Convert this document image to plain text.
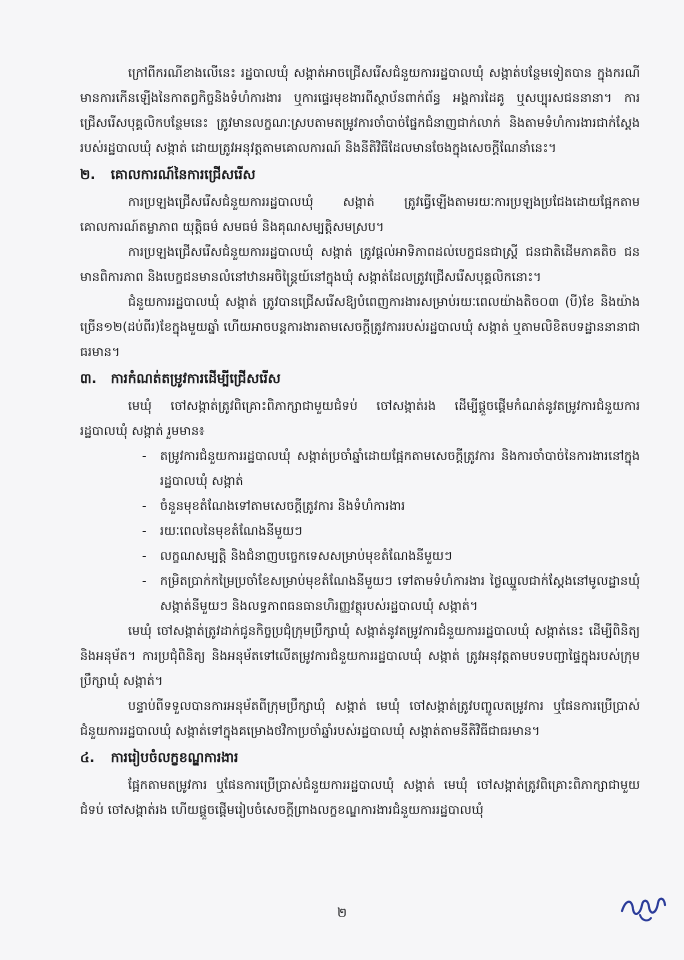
ក្រៅពីករណីខាងលើនេះ រដ្ឋបាលឃុំ សង្កាត់អាចជ្រើសរើសជំនួយការរដ្ឋបាលឃុំ សង្កាត់បន្ថែមទៀតបាន ក្នុងករណីមានការកើនឡើងនៃកាតព្វកិច្ចនិងទំហំការងារ ឬការផ្ទេរមុខងារពីស្ថាប័នពាក់ព័ន្ធ អង្គការដៃគូ ឬសប្បុរសជននានា។ ការជ្រើសរើសបុគ្គលិកបន្ថែមនេះ ត្រូវមានលក្ខណៈស្របតាមតម្រូវការចាំបាច់ផ្នែកជំនាញជាក់លាក់ និងតាមទំហំការងារជាក់ស្ដែងរបស់រដ្ឋបាលឃុំ សង្កាត់ ដោយត្រូវអនុវត្តតាមគោលការណ៍ និងនីតិវិធីដែលមានចែងក្នុងសេចក្ដីណែនាំនេះ។

២. គោលការណ៍នៃការជ្រើសរើស

ការប្រឡងជ្រើសរើសជំនួយការរដ្ឋបាលឃុំ សង្កាត់ ត្រូវធ្វើឡើងតាមរយៈការប្រឡងប្រជែងដោយផ្អែកតាមគោលការណ៍តម្លាភាព យុត្តិធម៌ សមធម៌ និងគុណសម្បត្តិសមស្រប។

ការប្រឡងជ្រើសរើសជំនួយការរដ្ឋបាលឃុំ សង្កាត់ ត្រូវផ្ដល់អាទិភាពដល់បេក្ខជនជាស្ត្រី ជនជាតិដើមភាគតិច ជនមានពិការភាព និងបេក្ខជនមានលំនៅឋានអចិន្ត្រៃយ៍នៅក្នុងឃុំ សង្កាត់ដែលត្រូវជ្រើសរើសបុគ្គលិកនោះ។

ជំនួយការរដ្ឋបាលឃុំ សង្កាត់ ត្រូវបានជ្រើសរើសឱ្យបំពេញការងារសម្រាប់រយៈពេលយ៉ាងតិច០៣ (បី)ខែ និងយ៉ាងច្រើន១២(ដប់ពីរ)ខែក្នុងមួយឆ្នាំ ហើយអាចបន្តការងារតាមសេចក្ដីត្រូវការរបស់រដ្ឋបាលឃុំ សង្កាត់ ឬតាមលិខិតបទដ្ឋាននានាជាធរមាន។

៣. ការកំណត់តម្រូវការដើម្បីជ្រើសរើស

មេឃុំ ចៅសង្កាត់ត្រូវពិគ្រោះពិភាក្សាជាមួយជំទប់ ចៅសង្កាត់រង ដើម្បីផ្ដួចផ្ដើមកំណត់នូវតម្រូវការជំនួយការរដ្ឋបាលឃុំ សង្កាត់ រួមមាន៖

- តម្រូវការជំនួយការរដ្ឋបាលឃុំ សង្កាត់ប្រចាំឆ្នាំដោយផ្អែកតាមសេចក្ដីត្រូវការ និងការចាំបាច់នៃការងារនៅក្នុងរដ្ឋបាលឃុំ សង្កាត់
- ចំនួនមុខតំណែងទៅតាមសេចក្ដីត្រូវការ និងទំហំការងារ
- រយៈពេលនៃមុខតំណែងនីមួយៗ
- លក្ខណសម្បត្តិ និងជំនាញបច្ចេកទេសសម្រាប់មុខតំណែងនីមួយៗ
- កម្រិតប្រាក់កម្រៃប្រចាំខែសម្រាប់មុខតំណែងនីមួយៗ ទៅតាមទំហំការងារ ថ្លៃឈ្នួលជាក់ស្ដែងនៅមូលដ្ឋានឃុំ សង្កាត់នីមួយៗ និងលទ្ធភាពធនធានហិរញ្ញវត្ថុរបស់រដ្ឋបាលឃុំ សង្កាត់។

មេឃុំ ចៅសង្កាត់ត្រូវដាក់ជូនកិច្ចប្រជុំក្រុមប្រឹក្សាឃុំ សង្កាត់នូវតម្រូវការជំនួយការរដ្ឋបាលឃុំ សង្កាត់នេះ ដើម្បីពិនិត្យ និងអនុម័ត។ ការប្រជុំពិនិត្យ និងអនុម័តទៅលើតម្រូវការជំនួយការរដ្ឋបាលឃុំ សង្កាត់ ត្រូវអនុវត្តតាមបទបញ្ជាផ្ទៃក្នុងរបស់ក្រុមប្រឹក្សាឃុំ សង្កាត់។

បន្ទាប់ពីទទួលបានការអនុម័តពីក្រុមប្រឹក្សាឃុំ សង្កាត់ មេឃុំ ចៅសង្កាត់ត្រូវបញ្ចូលតម្រូវការ ឬផែនការប្រើប្រាស់ជំនួយការរដ្ឋបាលឃុំ សង្កាត់ទៅក្នុងគម្រោងថវិកាប្រចាំឆ្នាំរបស់រដ្ឋបាលឃុំ សង្កាត់តាមនីតិវិធីជាធរមាន។

៤. ការរៀបចំលក្ខខណ្ឌការងារ

ផ្អែកតាមតម្រូវការ ឬផែនការប្រើប្រាស់ជំនួយការរដ្ឋបាលឃុំ សង្កាត់ មេឃុំ ចៅសង្កាត់ត្រូវពិគ្រោះពិភាក្សាជាមួយជំទប់ ចៅសង្កាត់រង ហើយផ្ដួចផ្ដើមរៀបចំសេចក្ដីព្រាងលក្ខខណ្ឌការងារជំនួយការរដ្ឋបាលឃុំ

២
